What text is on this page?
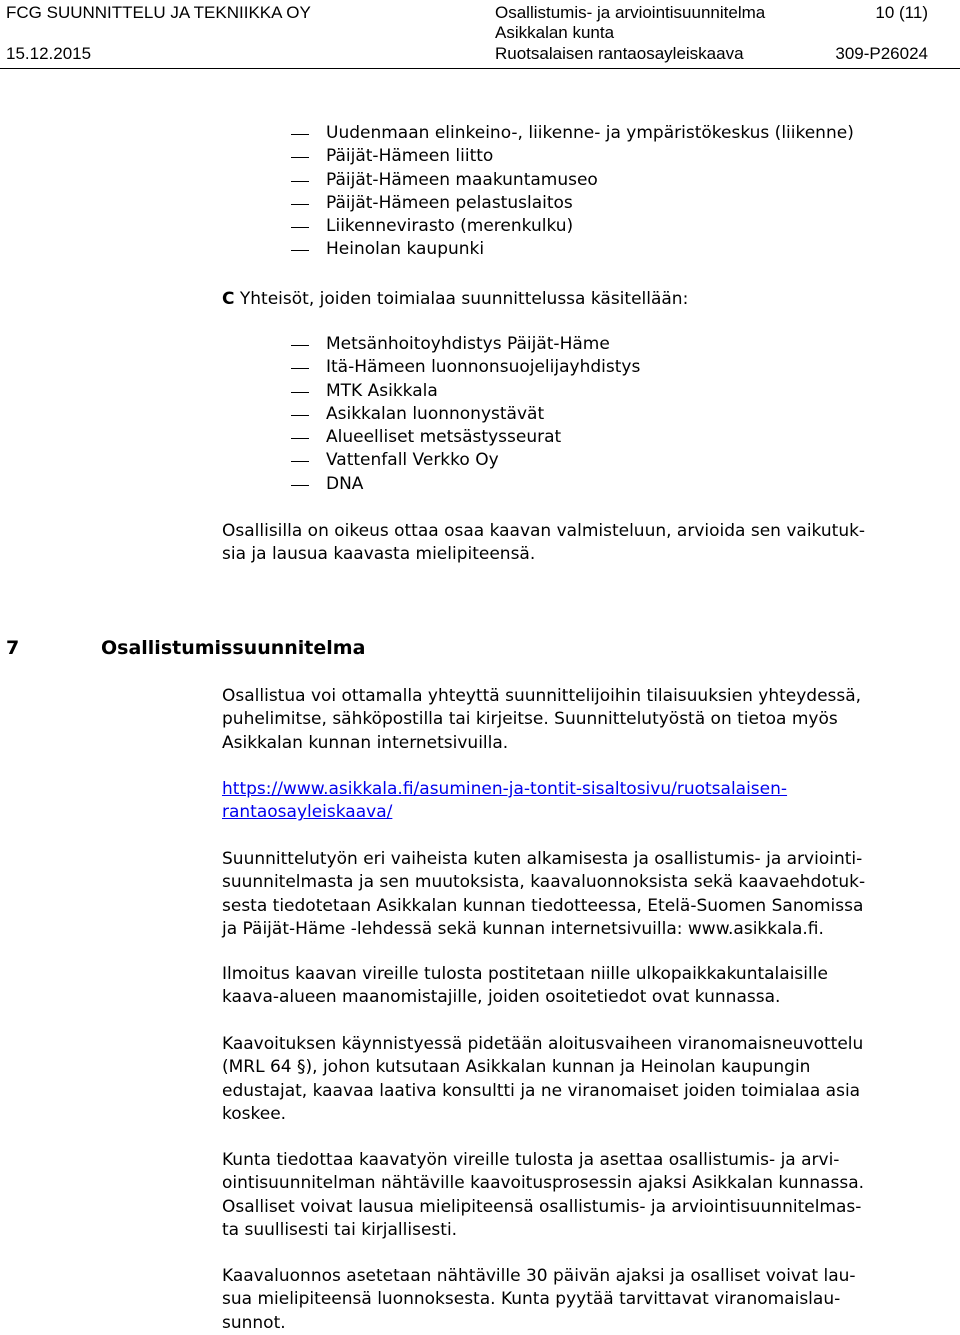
FCG SUUNNITTELU JA TEKNIIKKA OY
15.12.2015
Osallistumis- ja arviointisuunnitelma
Asikkalan kunta
Ruotsalaisen rantaosayleiskaava
10 (11)
309-P26024
Uudenmaan elinkeino-, liikenne- ja ympäristökeskus (liikenne)
Päijät-Hämeen liitto
Päijät-Hämeen maakuntamuseo
Päijät-Hämeen pelastuslaitos
Liikennevirasto (merenkulku)
Heinolan kaupunki
C Yhteisöt, joiden toimialaa suunnittelussa käsitellään:
Metsänhoitoyhdistys Päijät-Häme
Itä-Hämeen luonnonsuojelijayhdistys
MTK Asikkala
Asikkalan luonnonystävät
Alueelliset metsästysseurat
Vattenfall Verkko Oy
DNA
Osallisilla on oikeus ottaa osaa kaavan valmisteluun, arvioida sen vaikutuk-
sia ja lausua kaavasta mielipiteensä.
7	Osallistumissuunnitelma
Osallistua voi ottamalla yhteyttä suunnittelijoihin tilaisuuksien yhteydessä,
puhelimitse, sähköpostilla tai kirjeitse. Suunnittelutyöstä on tietoa myös
Asikkalan kunnan internetsivuilla.
https://www.asikkala.fi/asuminen-ja-tontit-sisaltosivu/ruotsalaisen-
rantaosayleiskaava/
Suunnittelutyön eri vaiheista kuten alkamisesta ja osallistumis- ja arviointi-
suunnitelmasta ja sen muutoksista, kaavaluonnoksista sekä kaavaehdotuk-
sesta tiedotetaan Asikkalan kunnan tiedotteessa, Etelä-Suomen Sanomissa
ja Päijät-Häme -lehdessä sekä kunnan internetsivuilla: www.asikkala.fi.
Ilmoitus kaavan vireille tulosta postitetaan niille ulkopaikkakuntalaisille
kaava-alueen maanomistajille, joiden osoitetiedot ovat kunnassa.
Kaavoituksen käynnistyessä pidetään aloitusvaiheen viranomaisneuvottelu
(MRL 64 §), johon kutsutaan Asikkalan kunnan ja Heinolan kaupungin
edustajat, kaavaa laativa konsultti ja ne viranomaiset joiden toimialaa asia
koskee.
Kunta tiedottaa kaavatyön vireille tulosta ja asettaa osallistumis- ja arvi-
ointisuunnitelman nähtäville kaavoitusprosessin ajaksi Asikkalan kunnassa.
Osalliset voivat lausua mielipiteensä osallistumis- ja arviointisuunnitelmas-
ta suullisesti tai kirjallisesti.
Kaavaluonnos asetetaan nähtäville 30 päivän ajaksi ja osalliset voivat lau-
sua mielipiteensä luonnoksesta. Kunta pyytää tarvittavat viranomaislau-
sunnot.
